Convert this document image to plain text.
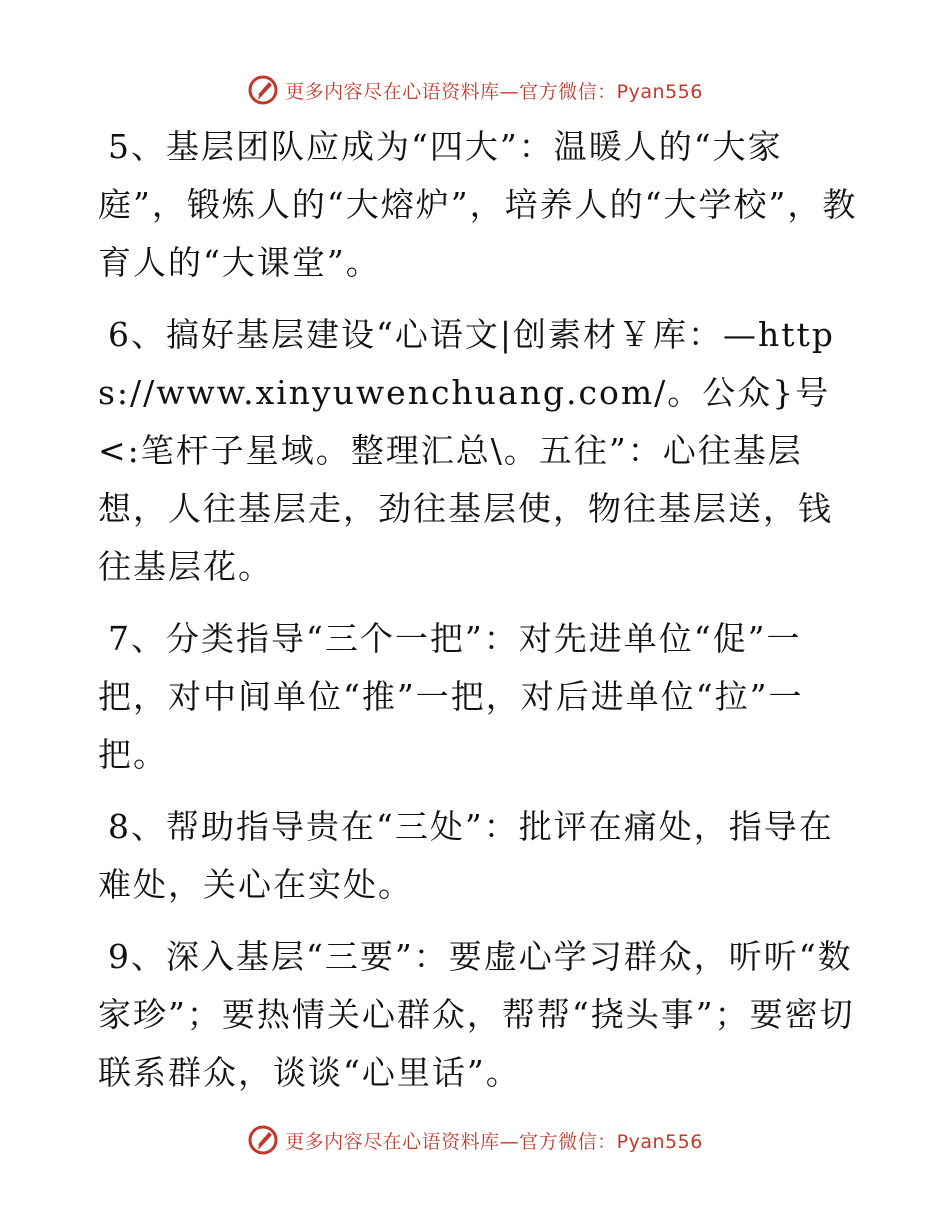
更多内容尽在心语资料库—官方微信：Pyan556

5、基层团队应成为“四大”：温暖人的“大家庭”，锻炼人的“大熔炉”，培养人的“大学校”，教育人的“大课堂”。

6、搞好基层建设“心语文|创素材￥库：—https://www.xinyuwenchuang.com/。公众}号<:笔杆子星域。整理汇总\。五往”：心往基层想，人往基层走，劲往基层使，物往基层送，钱往基层花。

7、分类指导“三个一把”：对先进单位“促”一把，对中间单位“推”一把，对后进单位“拉”一把。

8、帮助指导贵在“三处”：批评在痛处，指导在难处，关心在实处。

9、深入基层“三要”：要虚心学习群众，听听“数家珍”；要热情关心群众，帮帮“挠头事”；要密切联系群众，谈谈“心里话”。

更多内容尽在心语资料库—官方微信：Pyan556
